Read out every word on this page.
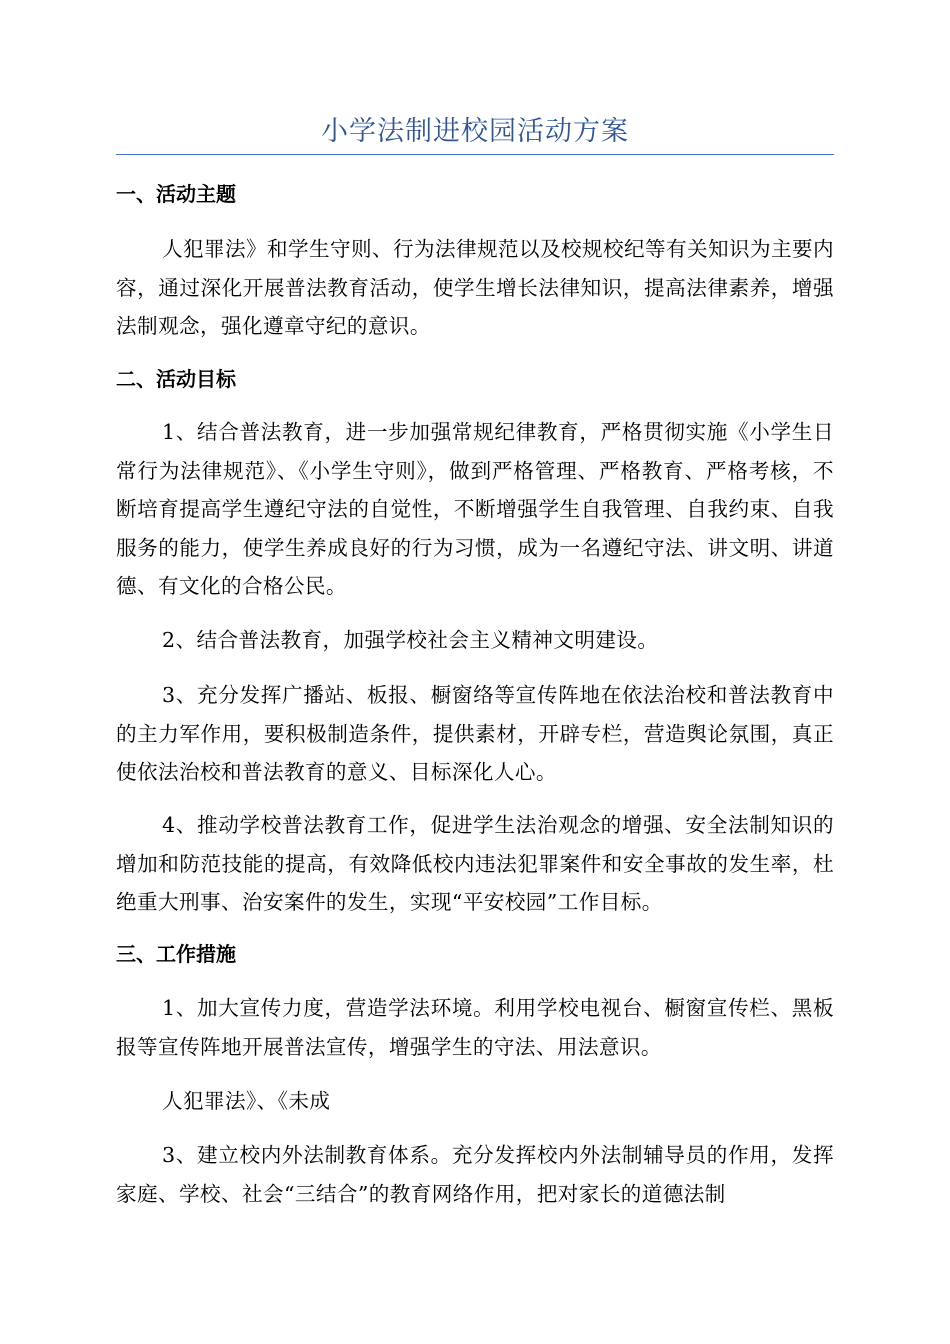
小学法制进校园活动方案
一、活动主题
人犯罪法》和学生守则、行为法律规范以及校规校纪等有关知识为主要内容，通过深化开展普法教育活动，使学生增长法律知识，提高法律素养，增强法制观念，强化遵章守纪的意识。
二、活动目标
1、结合普法教育，进一步加强常规纪律教育，严格贯彻实施《小学生日常行为法律规范》、《小学生守则》，做到严格管理、严格教育、严格考核，不断培育提高学生遵纪守法的自觉性，不断增强学生自我管理、自我约束、自我服务的能力，使学生养成良好的行为习惯，成为一名遵纪守法、讲文明、讲道德、有文化的合格公民。
2、结合普法教育，加强学校社会主义精神文明建设。
3、充分发挥广播站、板报、橱窗络等宣传阵地在依法治校和普法教育中的主力军作用，要积极制造条件，提供素材，开辟专栏，营造舆论氛围，真正使依法治校和普法教育的意义、目标深化人心。
4、推动学校普法教育工作，促进学生法治观念的增强、安全法制知识的增加和防范技能的提高，有效降低校内违法犯罪案件和安全事故的发生率，杜绝重大刑事、治安案件的发生，实现“平安校园”工作目标。
三、工作措施
1、加大宣传力度，营造学法环境。利用学校电视台、橱窗宣传栏、黑板报等宣传阵地开展普法宣传，增强学生的守法、用法意识。
人犯罪法》、《未成
3、建立校内外法制教育体系。充分发挥校内外法制辅导员的作用，发挥家庭、学校、社会“三结合”的教育网络作用，把对家长的道德法制
